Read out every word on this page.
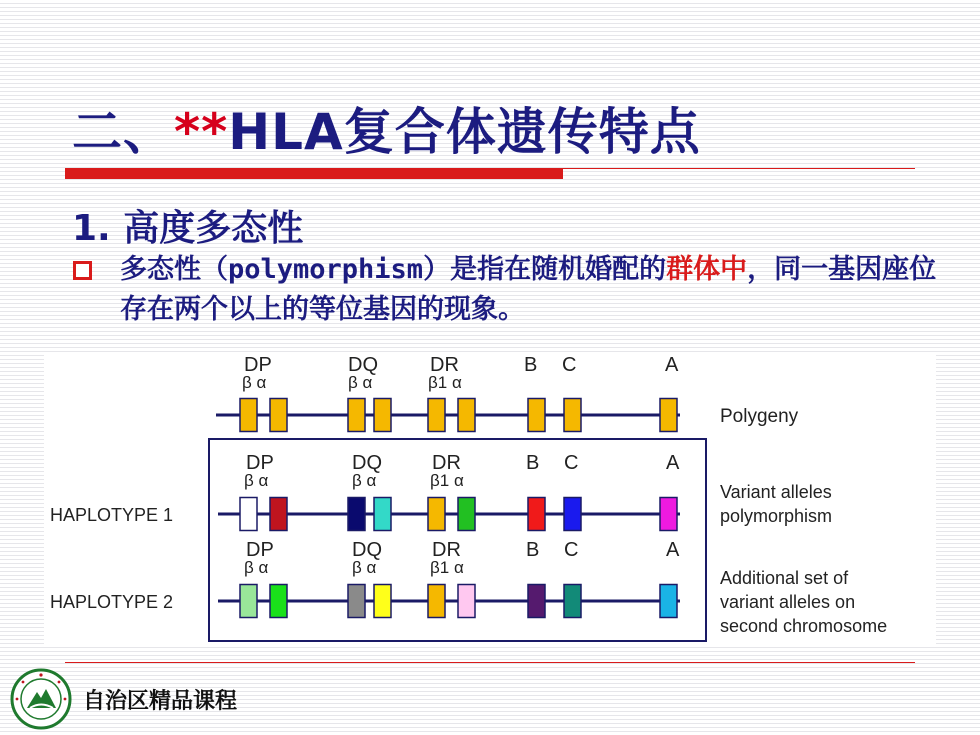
二、**HLA复合体遗传特点
1. 高度多态性
多态性（polymorphism）是指在随机婚配的群体中，同一基因座位存在两个以上的等位基因的现象。
DP
β α
DQ
β α
DR
β1 α
B C	A
Polygeny
DP
β α
DQ
β α
DR
β1 α
B C	A
HAPLOTYPE 1
Variant alleles
polymorphism
DP
β α
DQ
β α
DR
β1 α
B C	A
HAPLOTYPE 2
Additional set of
variant alleles on
second chromosome
自治区精品课程
